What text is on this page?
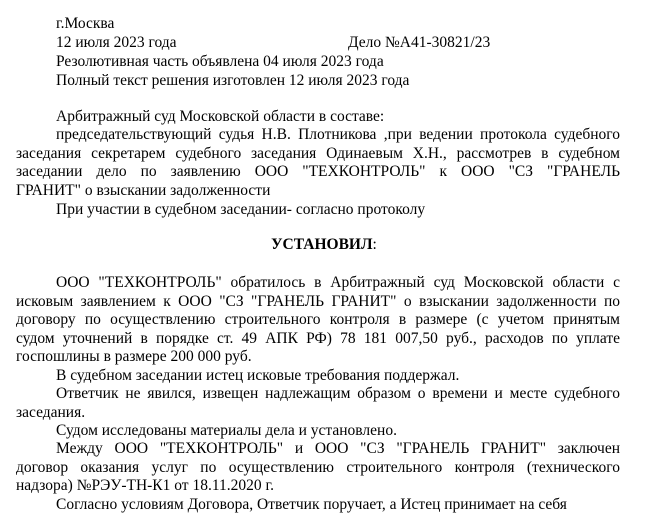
г.Москва
12 июля 2023 года	Дело №А41-30821/23
Резолютивная часть объявлена 04 июля 2023 года
Полный текст решения изготовлен 12 июля 2023 года
Арбитражный суд Московской области в составе:
председательствующий судья Н.В. Плотникова ,при ведении протокола судебного
заседания секретарем судебного заседания Одинаевым Х.Н., рассмотрев в судебном
заседании дело по заявлению ООО "ТЕХКОНТРОЛЬ" к ООО "СЗ "ГРАНЕЛЬ
ГРАНИТ" о взыскании задолженности
При участии в судебном заседании- согласно протоколу
УСТАНОВИЛ:
ООО "ТЕХКОНТРОЛЬ" обратилось в Арбитражный суд Московской области с
исковым заявлением к ООО "СЗ "ГРАНЕЛЬ ГРАНИТ" о взыскании задолженности по
договору по осуществлению строительного контроля в размере (с учетом принятым
судом уточнений в порядке ст. 49 АПК РФ) 78 181 007,50 руб., расходов по уплате
госпошлины в размере 200 000 руб.
В судебном заседании истец исковые требования поддержал.
Ответчик не явился, извещен надлежащим образом о времени и месте судебного
заседания.
Судом исследованы материалы дела и установлено.
Между ООО "ТЕХКОНТРОЛЬ" и ООО "СЗ "ГРАНЕЛЬ ГРАНИТ" заключен
договор оказания услуг по осуществлению строительного контроля (технического
надзора) №РЭУ-ТН-К1 от 18.11.2020 г.
Согласно условиям Договора, Ответчик поручает, а Истец принимает на себя
